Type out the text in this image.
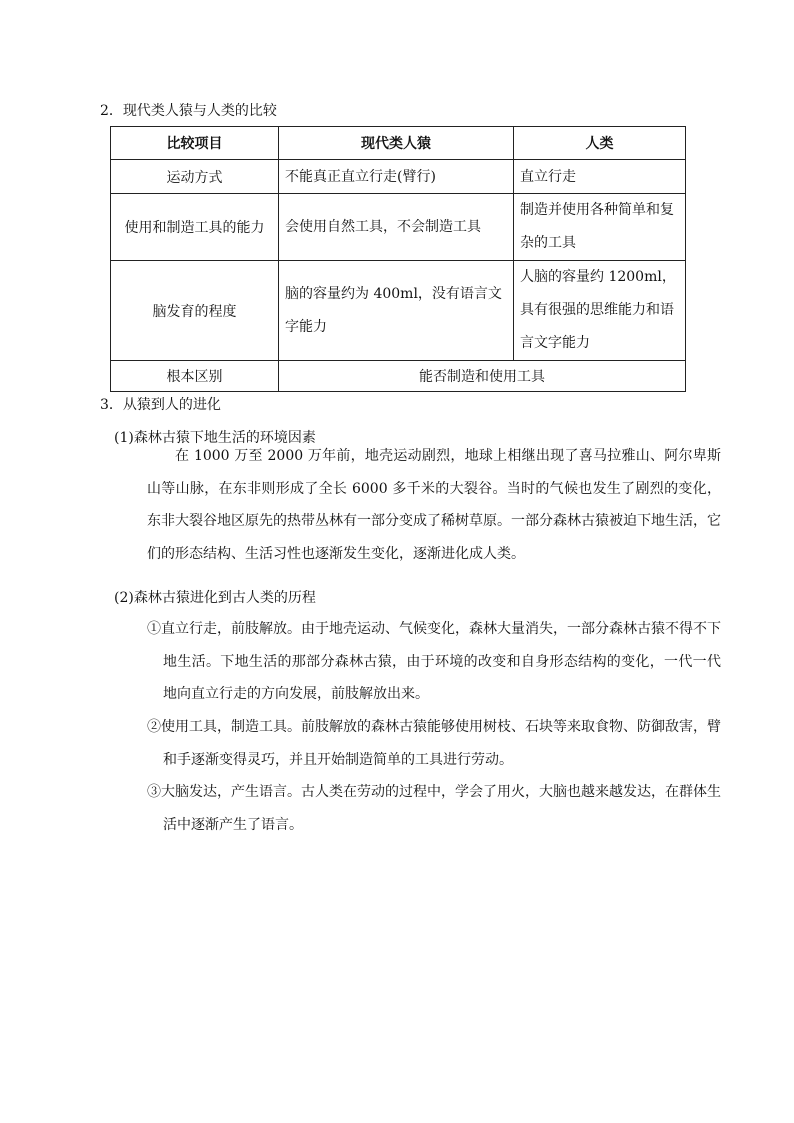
2．现代类人猿与人类的比较
比较项目	现代类人猿	人类
运动方式	不能真正直立行走(臂行)	直立行走
使用和制造工具的能力	会使用自然工具，不会制造工具	制造并使用各种简单和复杂的工具
脑发育的程度	脑的容量约为 400ml，没有语言文字能力	人脑的容量约 1200ml，具有很强的思维能力和语言文字能力
根本区别	能否制造和使用工具	
3．从猿到人的进化
(1)森林古猿下地生活的环境因素
在 1000 万至 2000 万年前，地壳运动剧烈，地球上相继出现了喜马拉雅山、阿尔卑斯山等山脉，在东非则形成了全长 6000 多千米的大裂谷。当时的气候也发生了剧烈的变化，东非大裂谷地区原先的热带丛林有一部分变成了稀树草原。一部分森林古猿被迫下地生活，它们的形态结构、生活习性也逐渐发生变化，逐渐进化成人类。
(2)森林古猿进化到古人类的历程
①直立行走，前肢解放。由于地壳运动、气候变化，森林大量消失，一部分森林古猿不得不下地生活。下地生活的那部分森林古猿，由于环境的改变和自身形态结构的变化，一代一代地向直立行走的方向发展，前肢解放出来。
②使用工具，制造工具。前肢解放的森林古猿能够使用树枝、石块等来取食物、防御敌害，臂和手逐渐变得灵巧，并且开始制造简单的工具进行劳动。
③大脑发达，产生语言。古人类在劳动的过程中，学会了用火，大脑也越来越发达，在群体生活中逐渐产生了语言。
